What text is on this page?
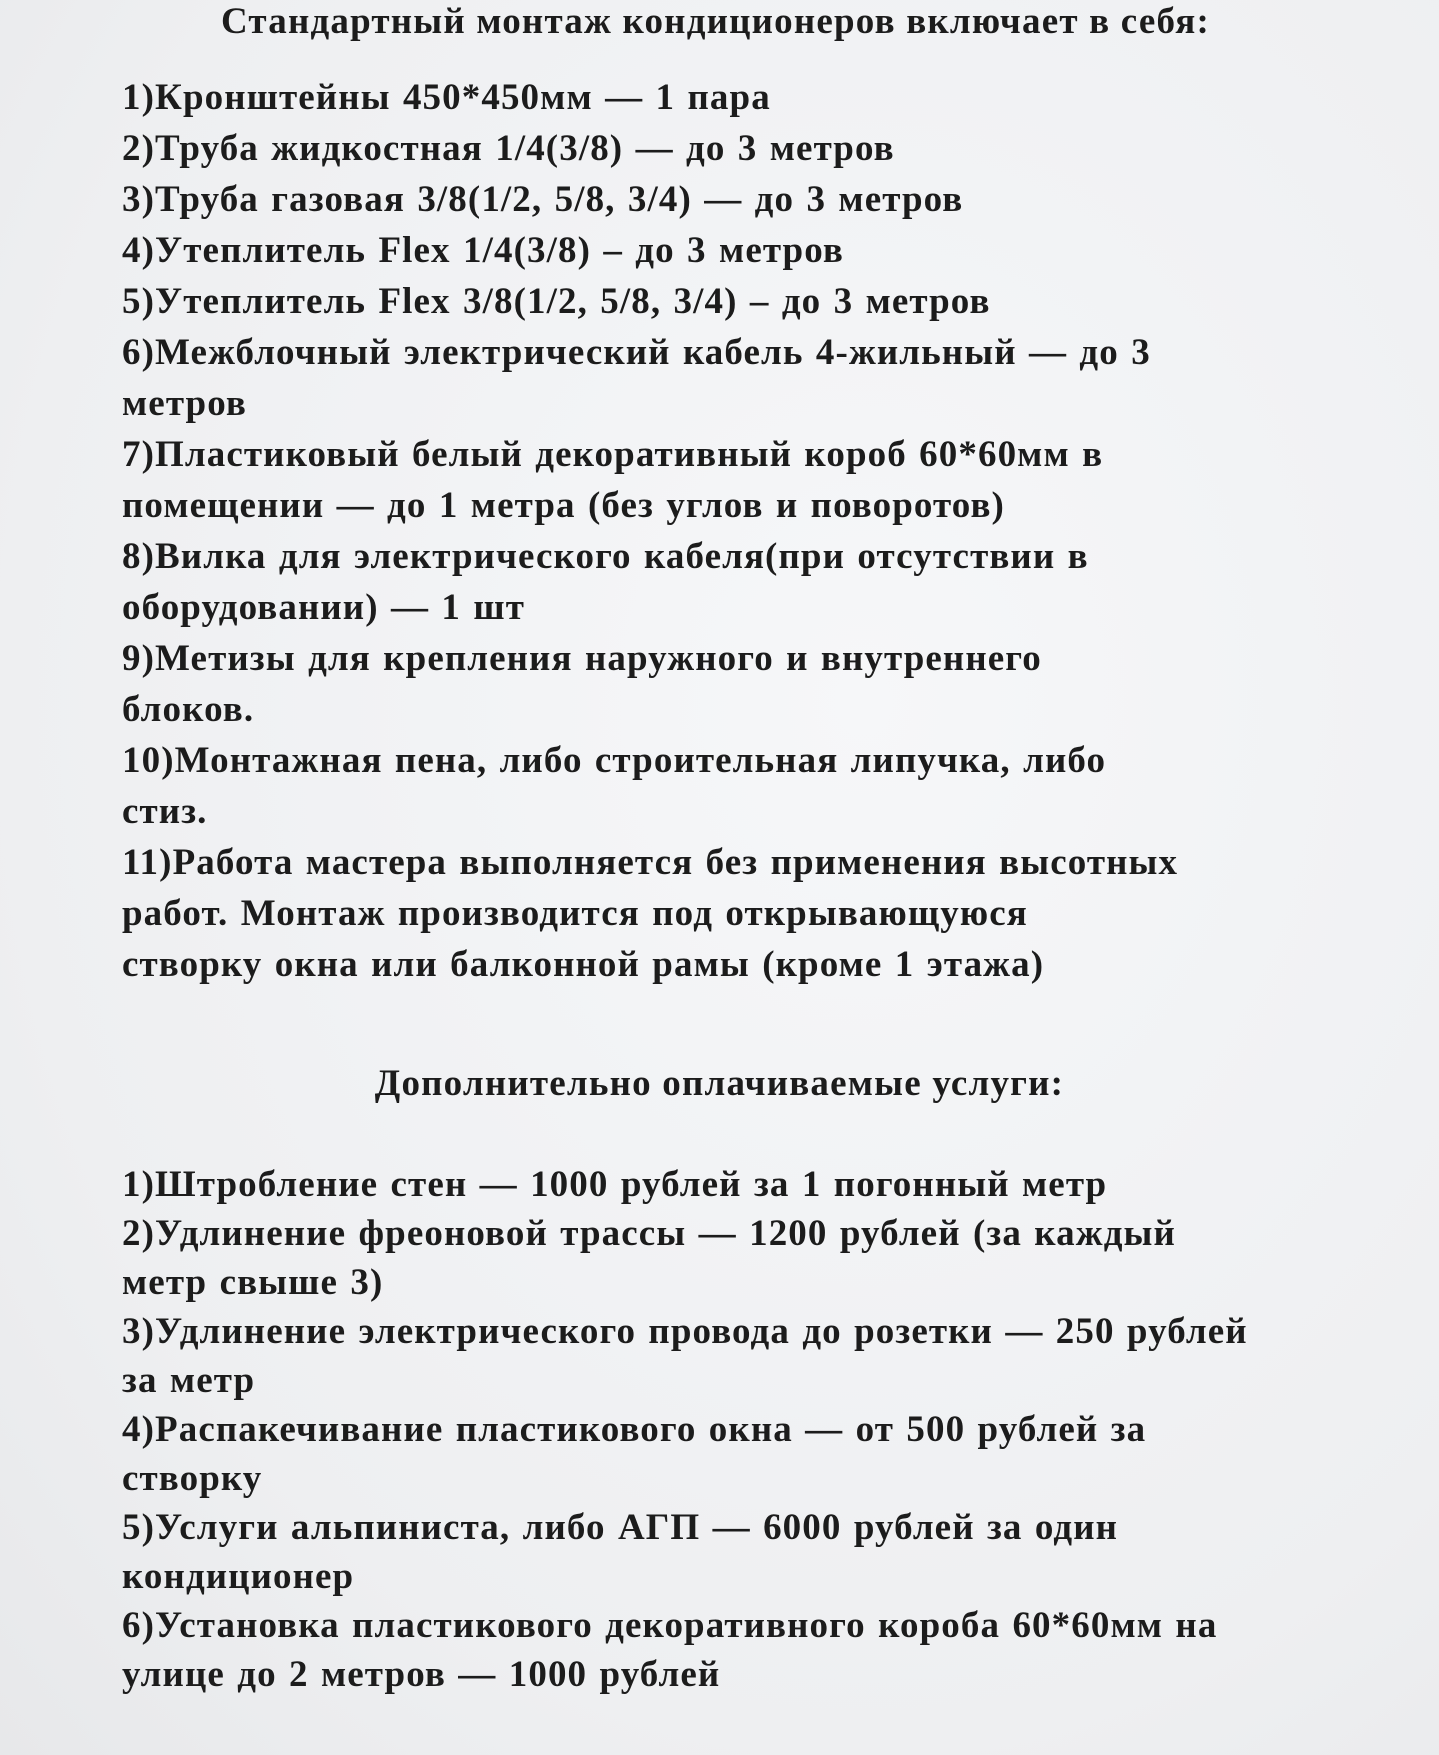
Стандартный монтаж кондиционеров включает в себя:
1)Кронштейны 450*450мм — 1 пара
2)Труба жидкостная 1/4(3/8) — до 3 метров
3)Труба газовая 3/8(1/2, 5/8, 3/4) — до 3 метров
4)Утеплитель Flex 1/4(3/8) – до 3 метров
5)Утеплитель Flex 3/8(1/2, 5/8, 3/4) – до 3 метров
6)Межблочный электрический кабель 4-жильный — до 3
метров
7)Пластиковый белый декоративный короб 60*60мм в
помещении — до 1 метра (без углов и поворотов)
8)Вилка для электрического кабеля(при отсутствии в
оборудовании) — 1 шт
9)Метизы для крепления наружного и внутреннего
блоков.
10)Монтажная пена, либо строительная липучка, либо
стиз.
11)Работа мастера выполняется без применения высотных
работ. Монтаж производится под открывающуюся
створку окна или балконной рамы (кроме 1 этажа)
Дополнительно оплачиваемые услуги:
1)Штробление стен — 1000 рублей за 1 погонный метр
2)Удлинение фреоновой трассы — 1200 рублей (за каждый
метр свыше 3)
3)Удлинение электрического провода до розетки — 250 рублей
за метр
4)Распакечивание пластикового окна — от 500 рублей за
створку
5)Услуги альпиниста, либо АГП — 6000 рублей за один
кондиционер
6)Установка пластикового декоративного короба 60*60мм на
улице до 2 метров — 1000 рублей
